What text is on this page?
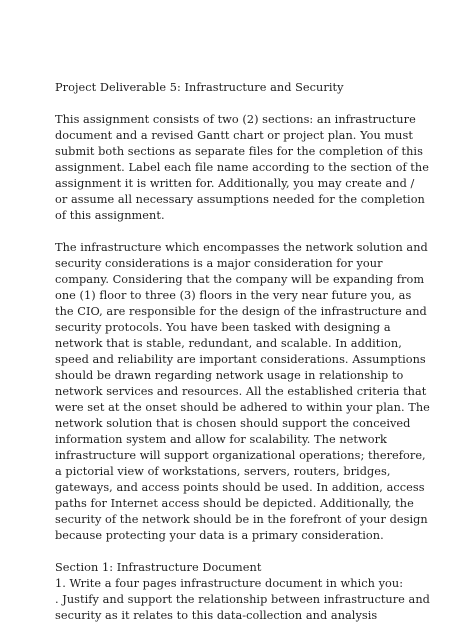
Project Deliverable 5: Infrastructure and Security

This assignment consists of two (2) sections: an infrastructure

document and a revised Gantt chart or project plan. You must

submit both sections as separate files for the completion of this

assignment. Label each file name according to the section of the

assignment it is written for. Additionally, you may create and /

or assume all necessary assumptions needed for the completion

of this assignment.

The infrastructure which encompasses the network solution and

security considerations is a major consideration for your

company. Considering that the company will be expanding from

one (1) floor to three (3) floors in the very near future you, as

the CIO, are responsible for the design of the infrastructure and

security protocols. You have been tasked with designing a

network that is stable, redundant, and scalable. In addition,

speed and reliability are important considerations. Assumptions

should be drawn regarding network usage in relationship to

network services and resources. All the established criteria that

were set at the onset should be adhered to within your plan. The

network solution that is chosen should support the conceived

information system and allow for scalability. The network

infrastructure will support organizational operations; therefore,

a pictorial view of workstations, servers, routers, bridges,

gateways, and access points should be used. In addition, access

paths for Internet access should be depicted. Additionally, the

security of the network should be in the forefront of your design

because protecting your data is a primary consideration.

Section 1: Infrastructure Document

1. Write a four pages infrastructure document in which you:

. Justify and support the relationship between infrastructure and

security as it relates to this data-collection and analysis
